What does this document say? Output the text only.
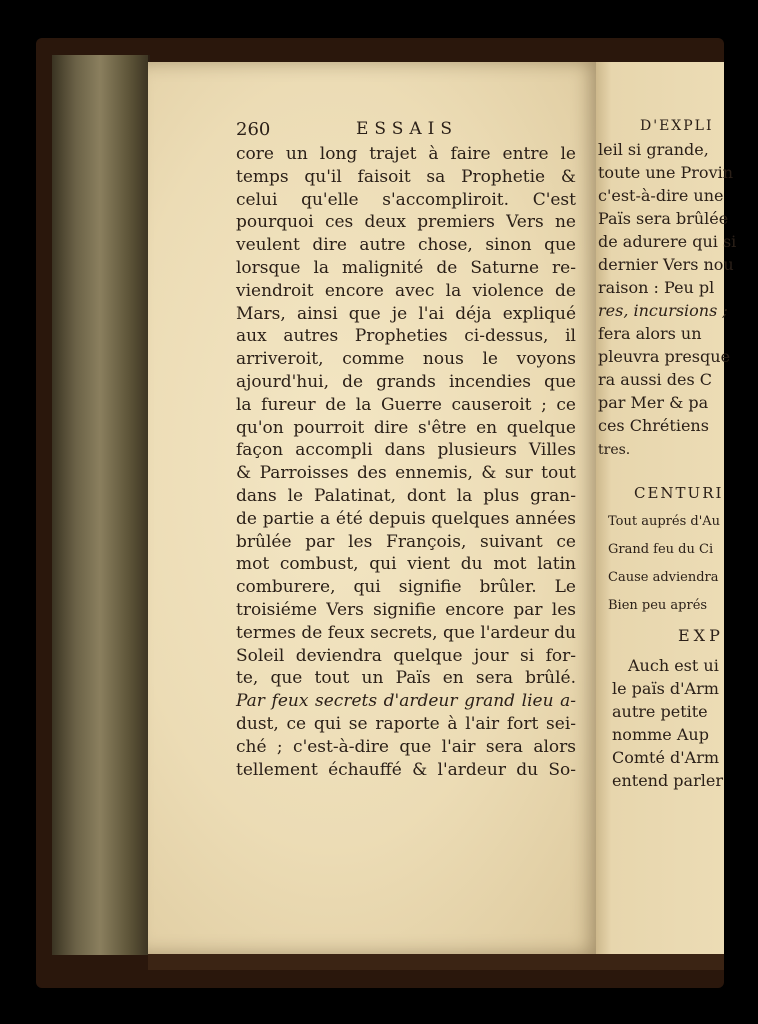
260	ESSAIS
core un long trajet à faire entre le
temps qu'il faisoit sa Prophetie &
celui qu'elle s'accompliroit. C'est
pourquoi ces deux premiers Vers ne
veulent dire autre chose, sinon que
lorsque la malignité de Saturne re-
viendroit encore avec la violence de
Mars, ainsi que je l'ai déja expliqué
aux autres Propheties ci-dessus, il
arriveroit, comme nous le voyons
ajourd'hui, de grands incendies que
la fureur de la Guerre causeroit ; ce
qu'on pourroit dire s'être en quelque
façon accompli dans plusieurs Villes
& Parroisses des ennemis, & sur tout
dans le Palatinat, dont la plus gran-
de partie a été depuis quelques années
brûlée par les François, suivant ce
mot combust, qui vient du mot latin
comburere, qui signifie brûler. Le
troisiéme Vers signifie encore par les
termes de feux secrets, que l'ardeur du
Soleil deviendra quelque jour si for-
te, que tout un Païs en sera brûlé.
Par feux secrets d'ardeur grand lieu a-
dust, ce qui se raporte à l'air fort sei-
ché ; c'est-à-dire que l'air sera alors
tellement échauffé & l'ardeur du So-
D'EXPLI
leil si grande,
toute une Provin
c'est-à-dire une
Païs sera brûlée
de adurere qui si
dernier Vers nou
raison : Peu pl
res, incursions ;
fera alors un
pleuvra presque
ra aussi des C
par Mer & pa
ces Chrétiens
tres.
CENTURI
Tout auprés d'Au
Grand feu du Ci
Cause adviendra
Bien peu aprés
EXP
Auch est ui
le païs d'Arm
autre petite
nomme Aup
Comté d'Arm
entend parler
